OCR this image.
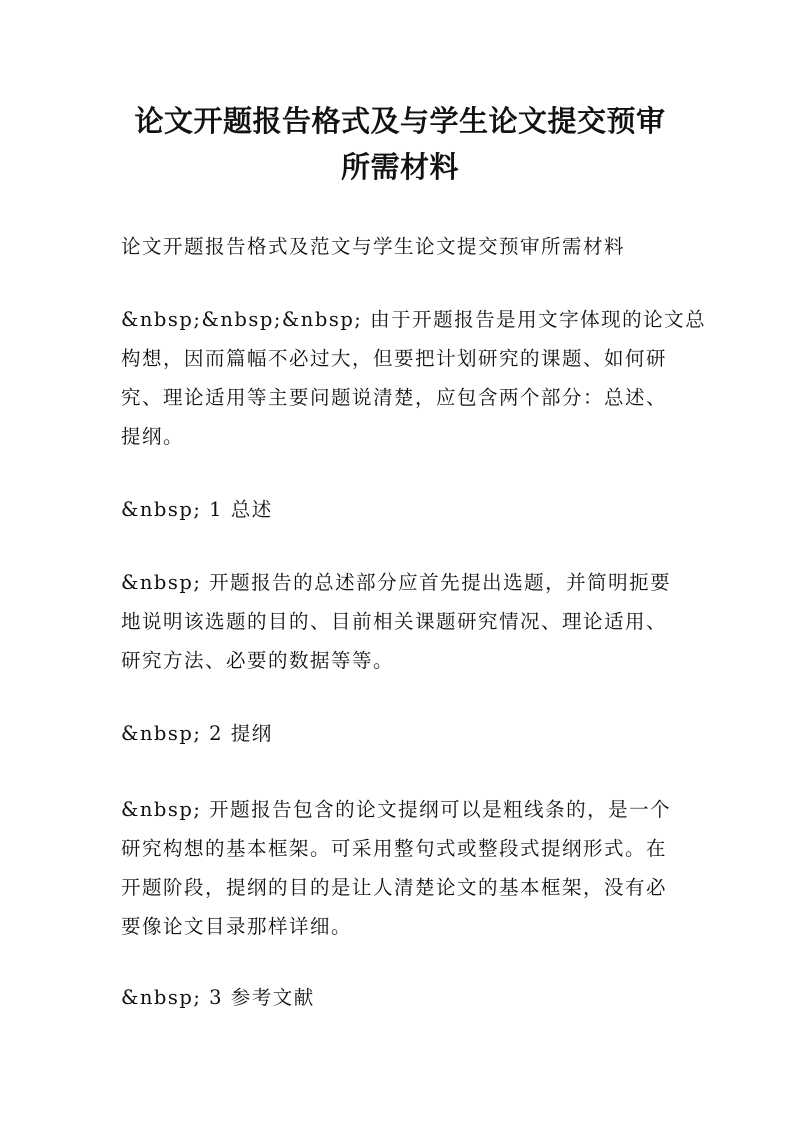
论文开题报告格式及与学生论文提交预审
所需材料

论文开题报告格式及范文与学生论文提交预审所需材料

&nbsp;&nbsp;&nbsp; 由于开题报告是用文字体现的论文总
构想，因而篇幅不必过大，但要把计划研究的课题、如何研
究、理论适用等主要问题说清楚，应包含两个部分：总述、
提纲。

&nbsp; 1 总述

&nbsp; 开题报告的总述部分应首先提出选题，并简明扼要
地说明该选题的目的、目前相关课题研究情况、理论适用、
研究方法、必要的数据等等。

&nbsp; 2 提纲

&nbsp; 开题报告包含的论文提纲可以是粗线条的，是一个
研究构想的基本框架。可采用整句式或整段式提纲形式。在
开题阶段，提纲的目的是让人清楚论文的基本框架，没有必
要像论文目录那样详细。

&nbsp; 3 参考文献
